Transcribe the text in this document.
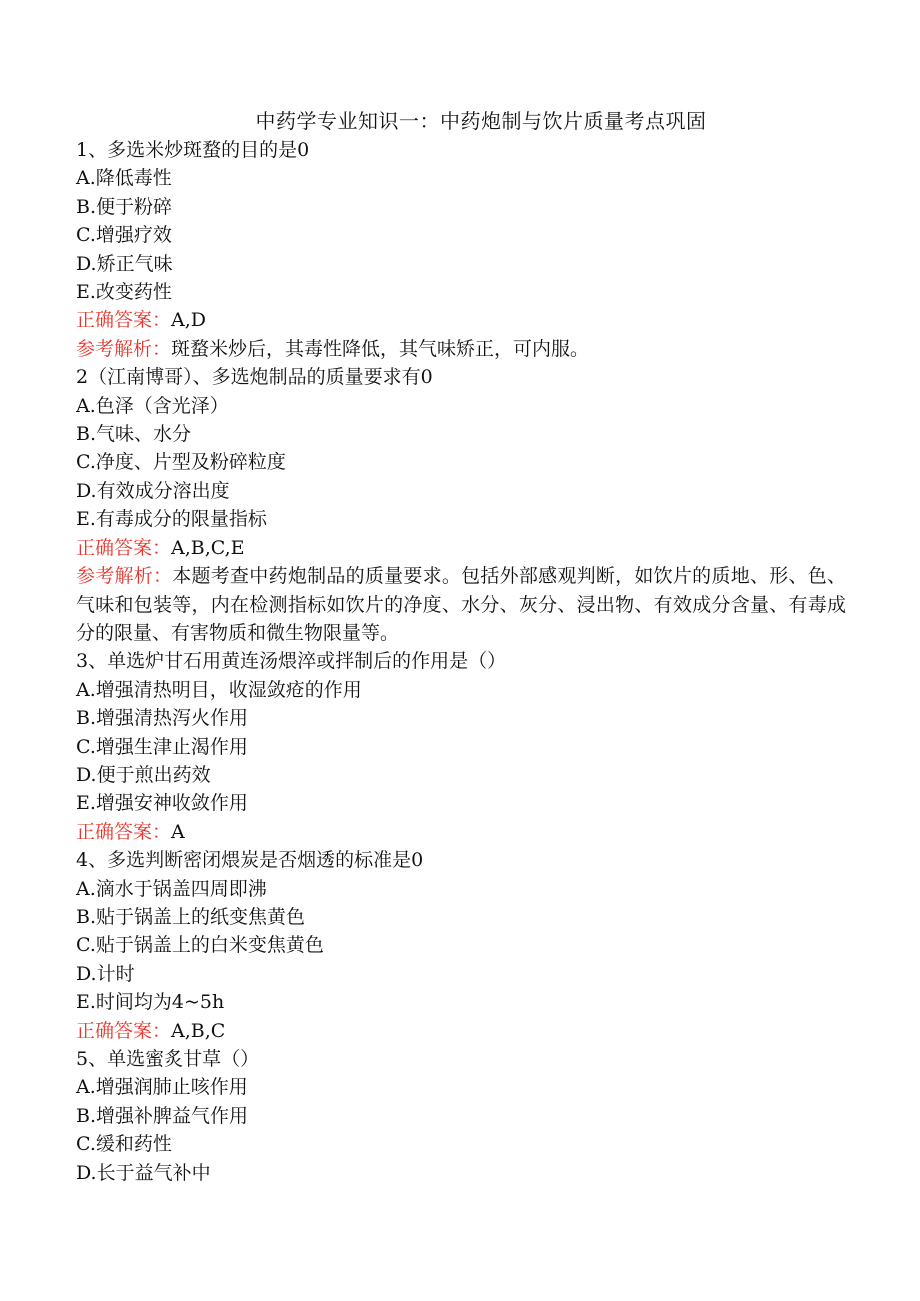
中药学专业知识一：中药炮制与饮片质量考点巩固
1、多选米炒斑蝥的目的是0
A.降低毒性
B.便于粉碎
C.增强疗效
D.矫正气味
E.改变药性
正确答案：A,D
参考解析：斑蝥米炒后，其毒性降低，其气味矫正，可内服。
2（江南博哥）、多选炮制品的质量要求有0
A.色泽（含光泽）
B.气味、水分
C.净度、片型及粉碎粒度
D.有效成分溶出度
E.有毒成分的限量指标
正确答案：A,B,C,E
参考解析：本题考查中药炮制品的质量要求。包括外部感观判断，如饮片的质地、形、色、气味和包装等，内在检测指标如饮片的净度、水分、灰分、浸出物、有效成分含量、有毒成分的限量、有害物质和微生物限量等。
3、单选炉甘石用黄连汤煨淬或拌制后的作用是（）
A.增强清热明目，收湿敛疮的作用
B.增强清热泻火作用
C.增强生津止渴作用
D.便于煎出药效
E.增强安神收敛作用
正确答案：A
4、多选判断密闭煨炭是否烟透的标准是0
A.滴水于锅盖四周即沸
B.贴于锅盖上的纸变焦黄色
C.贴于锅盖上的白米变焦黄色
D.计时
E.时间均为4~5h
正确答案：A,B,C
5、单选蜜炙甘草（）
A.增强润肺止咳作用
B.增强补脾益气作用
C.缓和药性
D.长于益气补中
